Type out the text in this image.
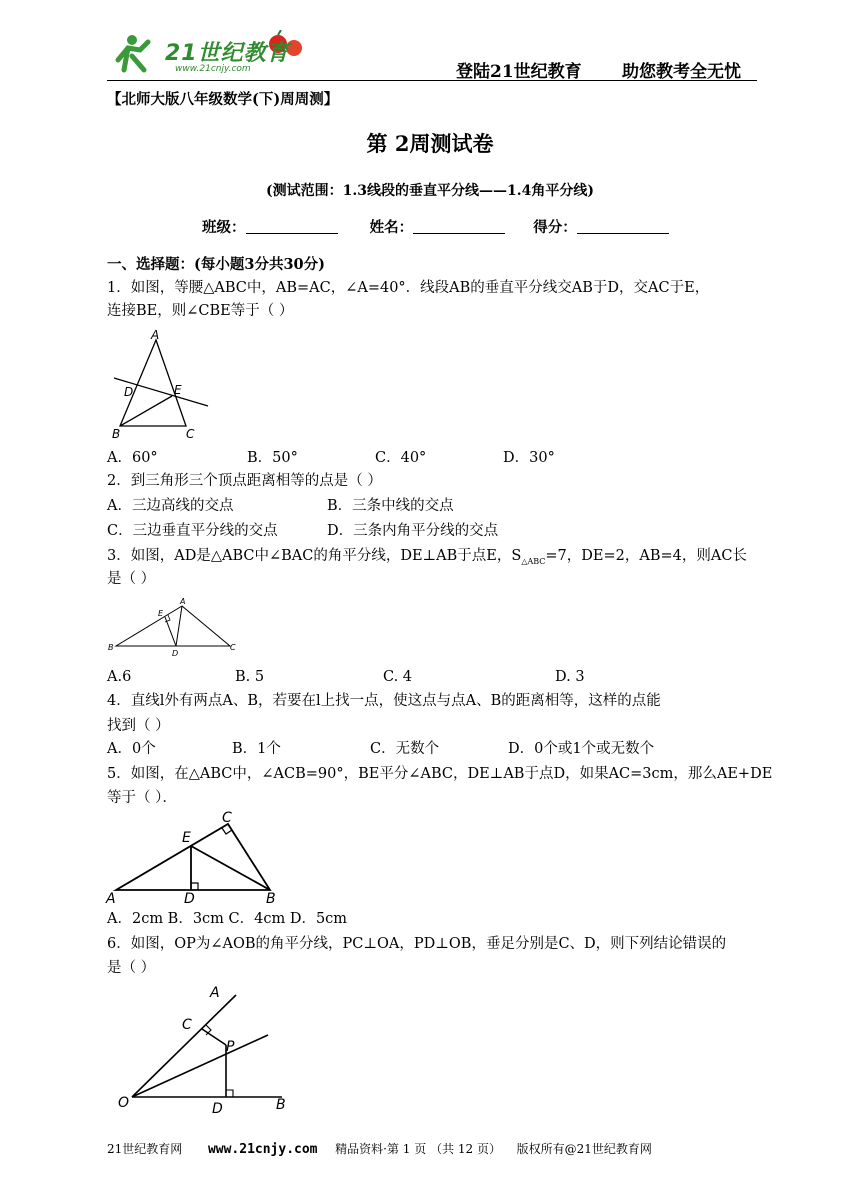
21世纪教育
www.21cnjy.com	登陆21世纪教育 助您教考全无忧
【北师大版八年级数学(下)周周测】
第 2周测试卷
(测试范围：1.3线段的垂直平分线——1.4角平分线)
班级：	姓名：	得分：
一、选择题：(每小题3分共30分)
1．如图，等腰△ABC中，AB=AC，∠A=40°．线段AB的垂直平分线交AB于D，交AC于E，
连接BE，则∠CBE等于（ ）
A
D	E
B	C
A．60°	B．50°	C．40°	D．30°
2．到三角形三个顶点距离相等的点是（ ）
A．三边高线的交点	B．三条中线的交点
C．三边垂直平分线的交点	D．三条内角平分线的交点
3．如图，AD是△ABC中∠BAC的角平分线，DE⊥AB于点E，$S_{\triangle ABC}=7$，DE=2，AB=4，则AC长
是（ ）
E
A
B
D
C
A.6	B. 5	C. 4	D. 3
4．直线l外有两点A、B，若要在l上找一点，使这点与点A、B的距离相等，这样的点能
找到（ ）
A．0个	B．1个	C．无数个	D．0个或1个或无数个
5．如图，在△ABC中，∠ACB=90°，BE平分∠ABC，DE⊥AB于点D，如果AC=3cm，那么AE+DE
等于（ ）．
C
E
A	D	B
A．2cm B．3cm C．4cm D．5cm
6．如图，OP为∠AOB的角平分线，PC⊥OA，PD⊥OB，垂足分别是C、D，则下列结论错误的
是（ ）
A
C
P
O	D	B
21世纪教育网 www.21cnjy.com 精品资料·第 1 页 （共 12 页） 版权所有@21世纪教育网
